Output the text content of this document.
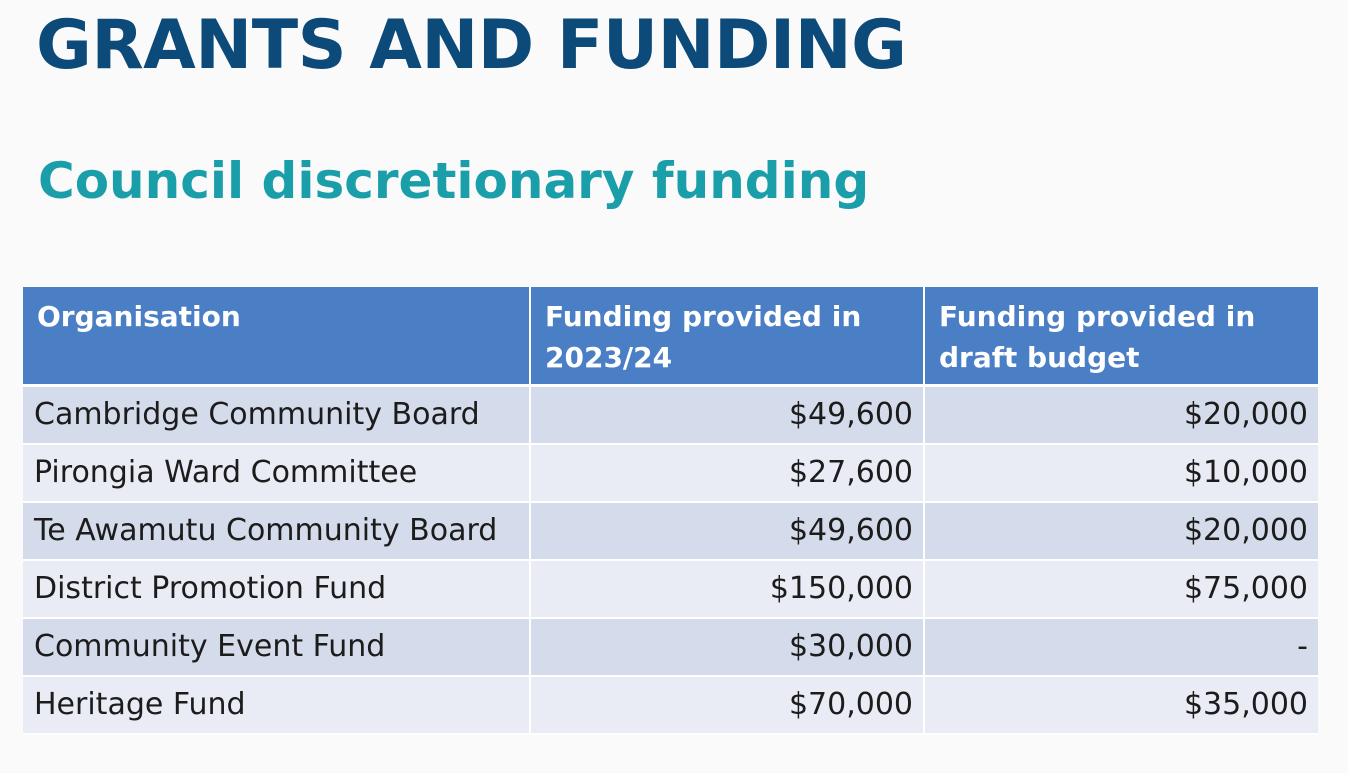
GRANTS AND FUNDING
Council discretionary funding
Organisation	Funding provided in 2023/24	Funding provided in draft budget
Cambridge Community Board	$49,600	$20,000
Pirongia Ward Committee	$27,600	$10,000
Te Awamutu Community Board	$49,600	$20,000
District Promotion Fund	$150,000	$75,000
Community Event Fund	$30,000	-
Heritage Fund	$70,000	$35,000
